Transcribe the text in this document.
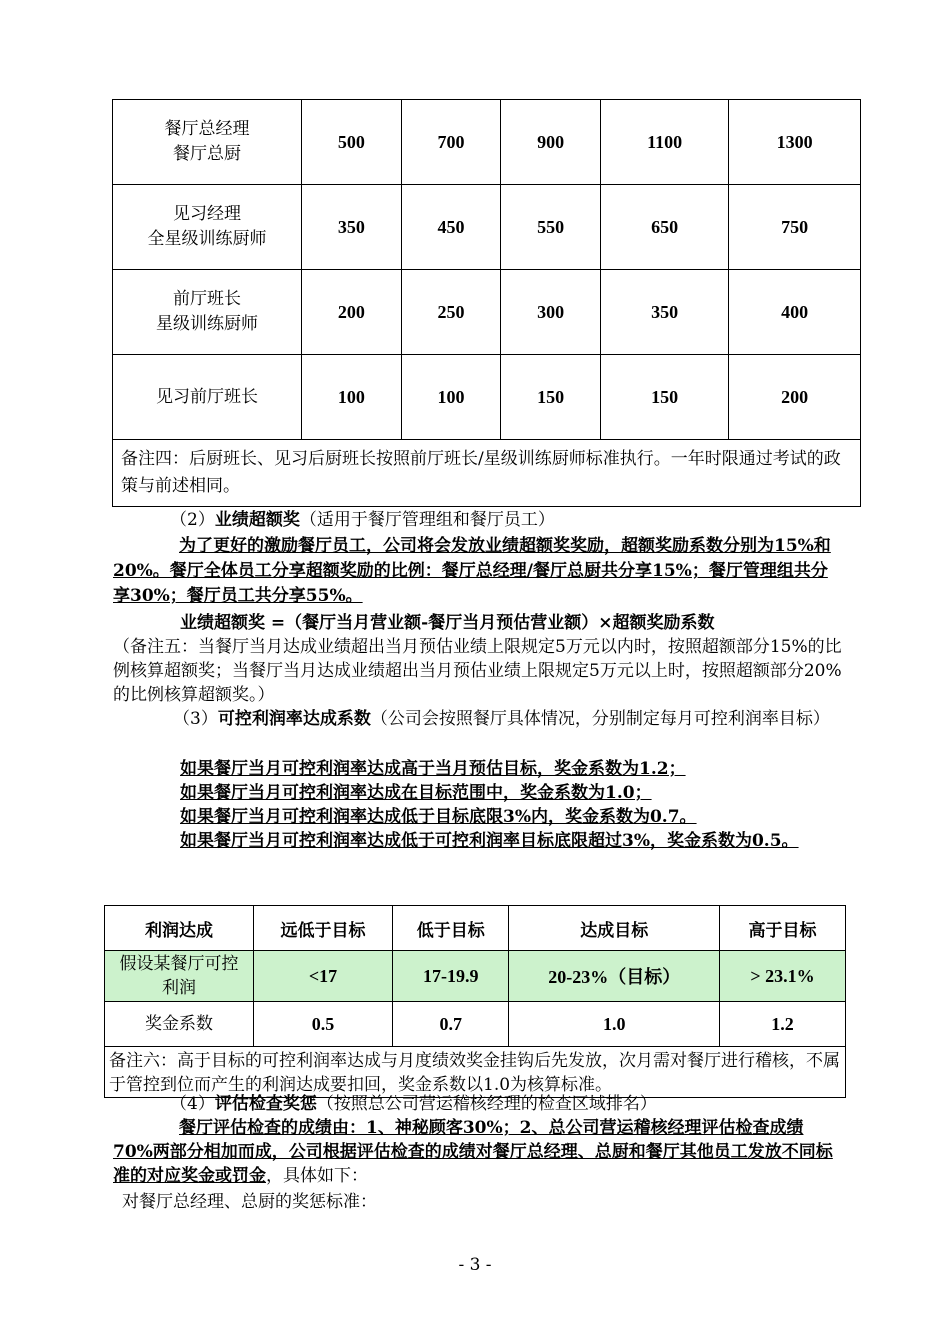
餐厅总经理
餐厅总厨	500	700	900	1100	1300
见习经理
全星级训练厨师	350	450	550	650	750
前厅班长
星级训练厨师	200	250	300	350	400
见习前厅班长	100	100	150	150	200
备注四：后厨班长、见习后厨班长按照前厅班长/星级训练厨师标准执行。一年时限通过考试的政策与前述相同。					
（2）业绩超额奖（适用于餐厅管理组和餐厅员工）
为了更好的激励餐厅员工，公司将会发放业绩超额奖奖励，超额奖励系数分别为15%和20%。餐厅全体员工分享超额奖励的比例：餐厅总经理/餐厅总厨共分享15%；餐厅管理组共分享30%；餐厅员工共分享55%。
业绩超额奖 =（餐厅当月营业额-餐厅当月预估营业额）×超额奖励系数
（备注五：当餐厅当月达成业绩超出当月预估业绩上限规定5万元以内时，按照超额部分15%的比例核算超额奖；当餐厅当月达成业绩超出当月预估业绩上限规定5万元以上时，按照超额部分20%的比例核算超额奖。）
（3）可控利润率达成系数（公司会按照餐厅具体情况，分别制定每月可控利润率目标）
如果餐厅当月可控利润率达成高于当月预估目标，奖金系数为1.2；
如果餐厅当月可控利润率达成在目标范围中，奖金系数为1.0；
如果餐厅当月可控利润率达成低于目标底限3%内，奖金系数为0.7。
如果餐厅当月可控利润率达成低于可控利润率目标底限超过3%，奖金系数为0.5。
利润达成	远低于目标	低于目标	达成目标	高于目标
假设某餐厅可控利润	<17	17-19.9	20-23%（目标）	> 23.1%
奖金系数	0.5	0.7	1.0	1.2
备注六：高于目标的可控利润率达成与月度绩效奖金挂钩后先发放，次月需对餐厅进行稽核，不属于管控到位而产生的利润达成要扣回，奖金系数以1.0为核算标准。				
（4）评估检查奖惩（按照总公司营运稽核经理的检查区域排名）
餐厅评估检查的成绩由：1、神秘顾客30%；2、总公司营运稽核经理评估检查成绩70%两部分相加而成，公司根据评估检查的成绩对餐厅总经理、总厨和餐厅其他员工发放不同标准的对应奖金或罚金，具体如下：
对餐厅总经理、总厨的奖惩标准：
- 3 -
